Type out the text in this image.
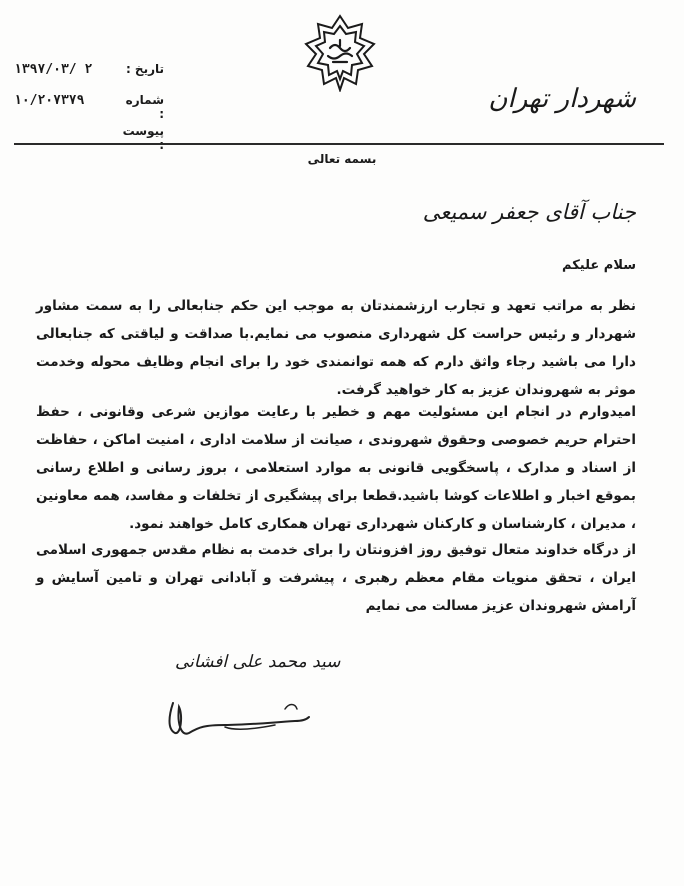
تاریخ :
۱۳۹۷/۰۳/ ۲
شماره :
۱۰/۲۰۷۳۷۹
پیوست :
شهردار تهران
بسمه تعالی
جناب آقای جعفر سمیعی
سلام علیکم
نظر به مراتب تعهد و تجارب ارزشمندتان به موجب این حکم جنابعالی را به سمت مشاور شهردار و رئیس حراست کل شهرداری منصوب می نمایم.با صداقت و لیاقتی که جنابعالی دارا می باشید رجاء واثق دارم که همه توانمندی خود را برای انجام وظایف محوله وخدمت موثر به شهروندان عزیز به کار خواهید گرفت.
امیدوارم در انجام این مسئولیت مهم و خطیر با رعایت موازین شرعی وقانونی ، حفظ احترام حریم خصوصی وحقوق شهروندی ، صیانت از سلامت اداری ، امنیت اماکن ، حفاظت از اسناد و مدارک ، پاسخگویی قانونی به موارد استعلامی ، بروز رسانی و اطلاع رسانی بموقع اخبار و اطلاعات کوشا باشید.قطعا برای پیشگیری از تخلفات و مفاسد، همه معاونین ، مدیران ، کارشناسان و کارکنان شهرداری تهران همکاری کامل خواهند نمود.
از درگاه خداوند متعال توفیق روز افزونتان را برای خدمت به نظام مقدس جمهوری اسلامی ایران ، تحقق منویات مقام معظم رهبری ، پیشرفت و آبادانی تهران و تامین آسایش و آرامش شهروندان عزیز مسالت می نمایم
سید محمد علی افشانی
